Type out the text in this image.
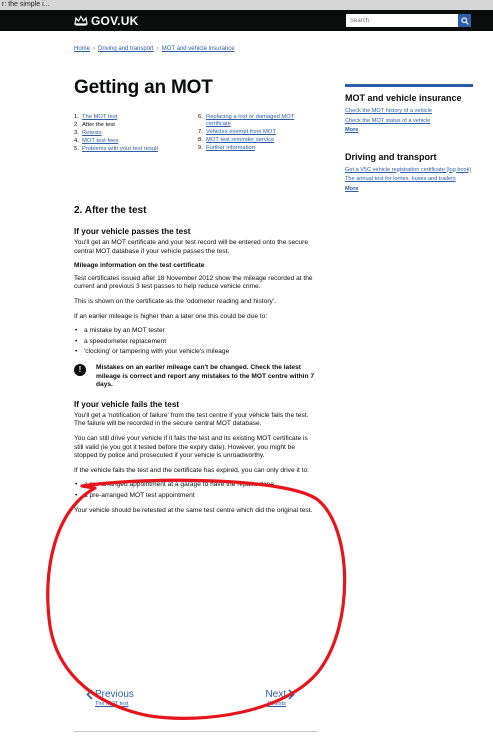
r: the simple i...
GOV.UK
Search
Home › Driving and transport › MOT and vehicle insurance
Getting an MOT
1. The MOT test
2. After the test
3. Retests
4. MOT test fees
5. Problems with your test result
6. Replacing a lost or damaged MOT certificate
7. Vehicles exempt from MOT
8. MOT test reminder service
9. Further information
2. After the test
If your vehicle passes the test

You'll get an MOT certificate and your test record will be entered onto the secure central MOT database if your vehicle passes the test.

Mileage information on the test certificate

Test certificates issued after 18 November 2012 show the mileage recorded at the current and previous 3 test passes to help reduce vehicle crime.

This is shown on the certificate as the 'odometer reading and history'.

If an earlier mileage is higher than a later one this could be due to:

• a mistake by an MOT tester
• a speedometer replacement
• 'clocking' or tampering with your vehicle's mileage
!	Mistakes on an earlier mileage can't be changed. Check the latest mileage is correct and report any mistakes to the MOT centre within 7 days.
If your vehicle fails the test

You'll get a 'notification of failure' from the test centre if your vehicle fails the test. The failure will be recorded in the secure central MOT database.

You can still drive your vehicle if it fails the test and its existing MOT certificate is still valid (ie you got it tested before the expiry date). However, you might be stopped by police and prosecuted if your vehicle is unroadworthy.

If the vehicle fails the test and the certificate has expired, you can only drive it to:

• a pre-arranged appointment at a garage to have the repairs done
• a pre-arranged MOT test appointment

Your vehicle should be retested at the same test centre which did the original test.

Previous
The MOT test
Next
Retests
MOT and vehicle insurance
Check the MOT history of a vehicle
Check the MOT status of a vehicle
More
Driving and transport
Get a V5C vehicle registration certificate (log book)
The annual test for lorries, buses and trailers
More
